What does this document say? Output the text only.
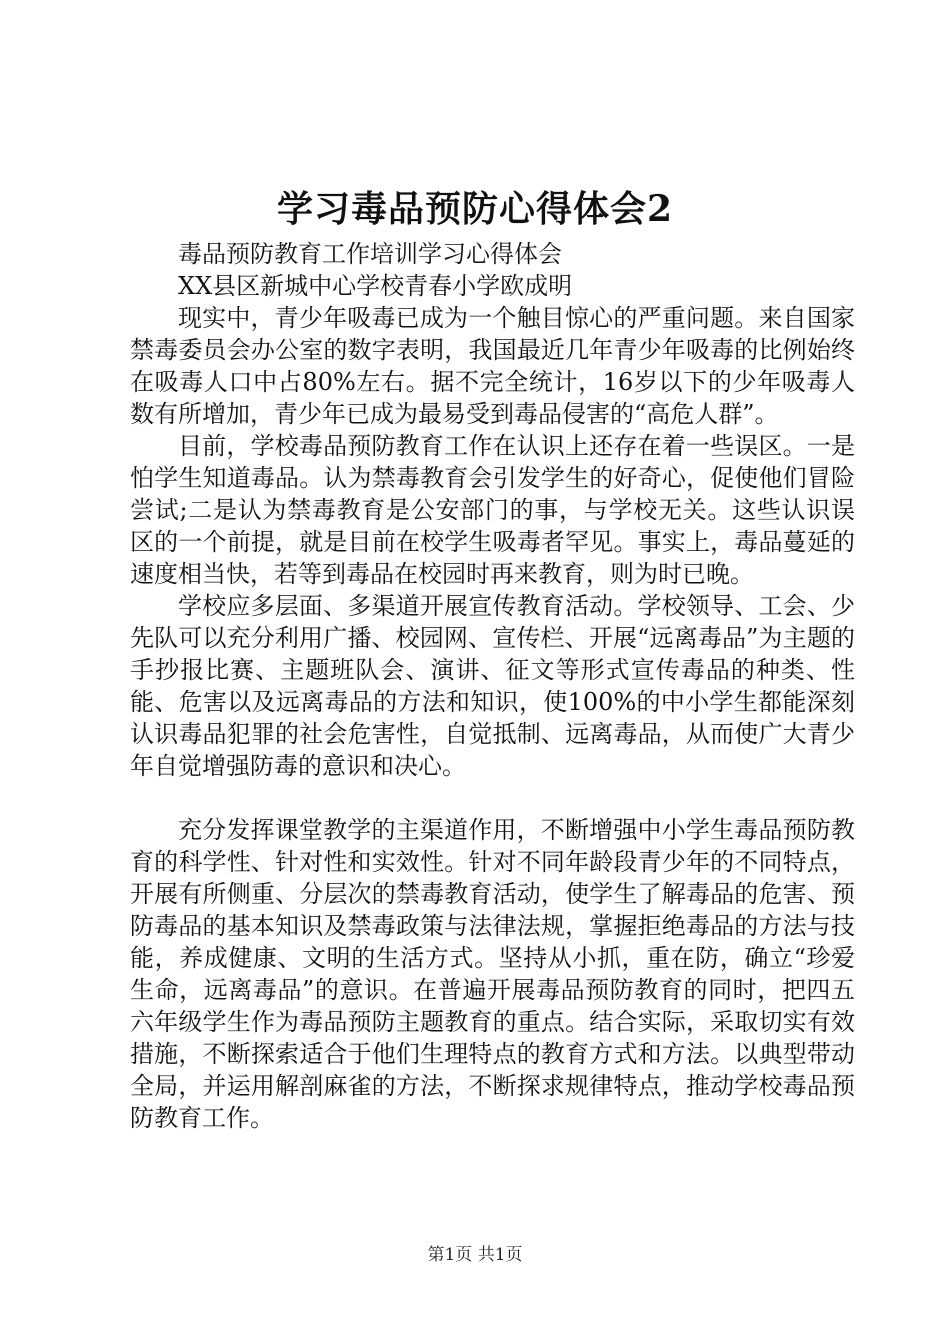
学习毒品预防心得体会2

毒品预防教育工作培训学习心得体会

XX县区新城中心学校青春小学欧成明

现实中，青少年吸毒已成为一个触目惊心的严重问题。来自国家禁毒委员会办公室的数字表明，我国最近几年青少年吸毒的比例始终在吸毒人口中占80%左右。据不完全统计，16岁以下的少年吸毒人数有所增加，青少年已成为最易受到毒品侵害的“高危人群”。

目前，学校毒品预防教育工作在认识上还存在着一些误区。一是怕学生知道毒品。认为禁毒教育会引发学生的好奇心，促使他们冒险尝试;二是认为禁毒教育是公安部门的事，与学校无关。这些认识误区的一个前提，就是目前在校学生吸毒者罕见。事实上，毒品蔓延的速度相当快，若等到毒品在校园时再来教育，则为时已晚。

学校应多层面、多渠道开展宣传教育活动。学校领导、工会、少先队可以充分利用广播、校园网、宣传栏、开展“远离毒品”为主题的手抄报比赛、主题班队会、演讲、征文等形式宣传毒品的种类、性能、危害以及远离毒品的方法和知识，使100%的中小学生都能深刻认识毒品犯罪的社会危害性，自觉抵制、远离毒品，从而使广大青少年自觉增强防毒的意识和决心。

充分发挥课堂教学的主渠道作用，不断增强中小学生毒品预防教育的科学性、针对性和实效性。针对不同年龄段青少年的不同特点，开展有所侧重、分层次的禁毒教育活动，使学生了解毒品的危害、预防毒品的基本知识及禁毒政策与法律法规，掌握拒绝毒品的方法与技能，养成健康、文明的生活方式。坚持从小抓，重在防，确立“珍爱生命，远离毒品”的意识。在普遍开展毒品预防教育的同时，把四五六年级学生作为毒品预防主题教育的重点。结合实际，采取切实有效措施，不断探索适合于他们生理特点的教育方式和方法。以典型带动全局，并运用解剖麻雀的方法，不断探求规律特点，推动学校毒品预防教育工作。

第1页 共1页
